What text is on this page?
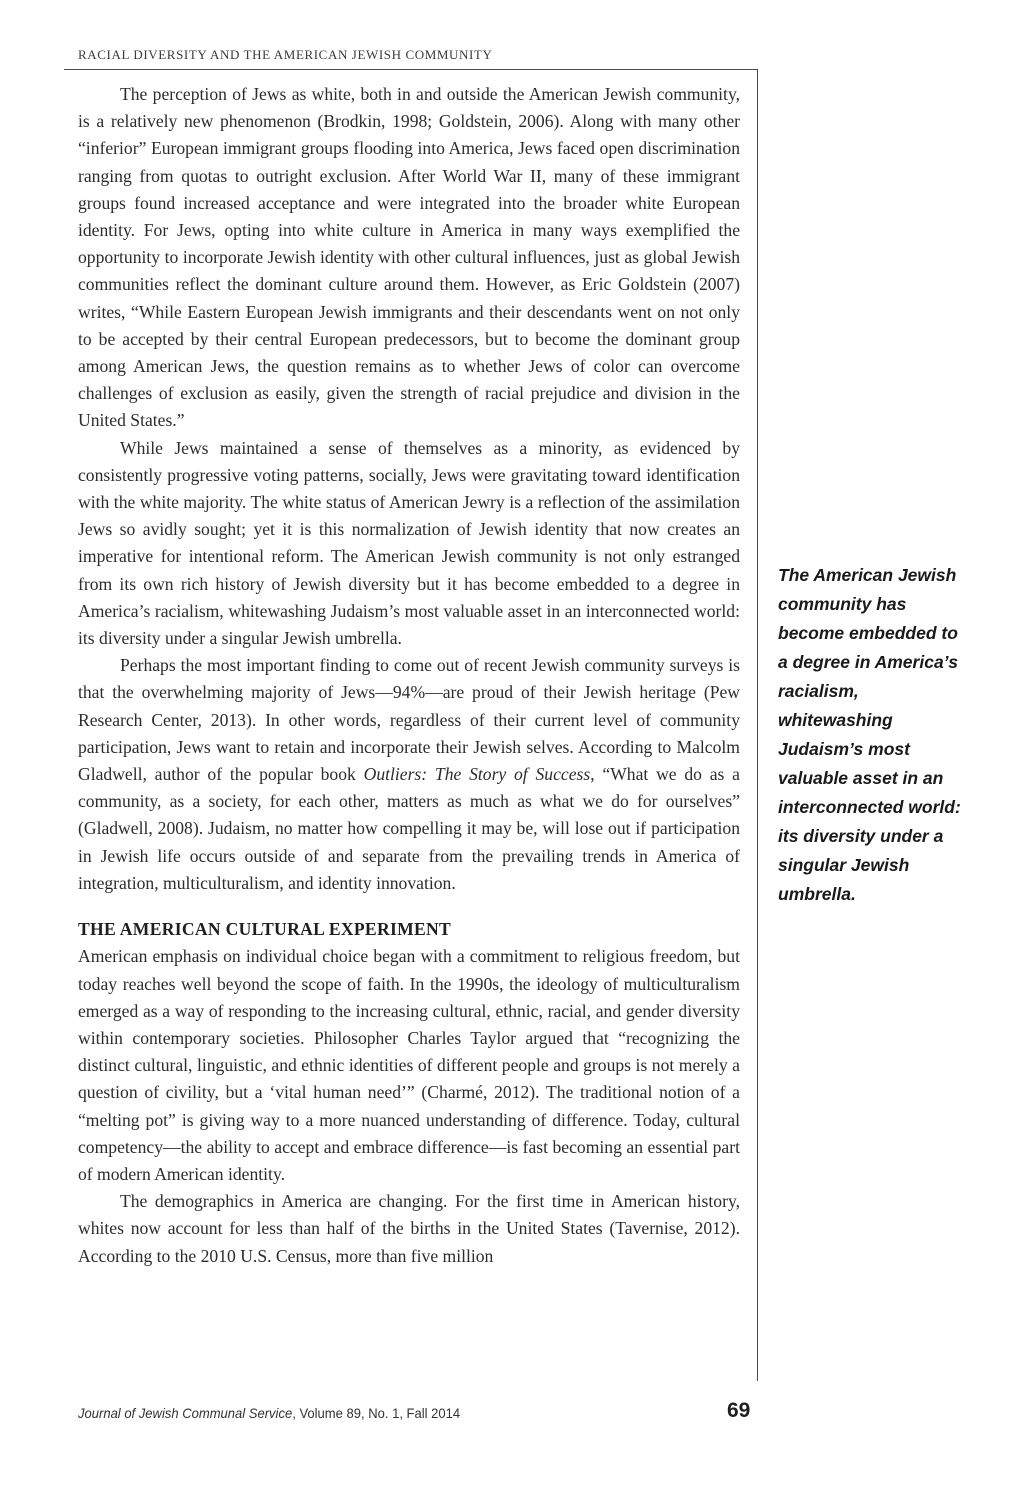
RACIAL DIVERSITY AND THE AMERICAN JEWISH COMMUNITY

The perception of Jews as white, both in and outside the American Jewish community, is a relatively new phenomenon (Brodkin, 1998; Goldstein, 2006). Along with many other “inferior” European immigrant groups flooding into America, Jews faced open discrimination ranging from quotas to outright exclusion. After World War II, many of these immigrant groups found increased acceptance and were integrated into the broader white European identity. For Jews, opting into white culture in America in many ways exemplified the opportunity to incorporate Jewish identity with other cultural influences, just as global Jewish communities reflect the dominant culture around them. However, as Eric Goldstein (2007) writes, “While Eastern European Jewish immigrants and their descendants went on not only to be accepted by their central European predecessors, but to become the dominant group among American Jews, the question remains as to whether Jews of color can overcome challenges of exclusion as easily, given the strength of racial prejudice and division in the United States.”

While Jews maintained a sense of themselves as a minority, as evidenced by consistently progressive voting patterns, socially, Jews were gravitating toward identification with the white majority. The white status of American Jewry is a reflection of the assimilation Jews so avidly sought; yet it is this normalization of Jewish identity that now creates an imperative for intentional reform. The American Jewish community is not only estranged from its own rich history of Jewish diversity but it has become embedded to a degree in America’s racialism, whitewashing Judaism’s most valuable asset in an interconnected world: its diversity under a singular Jewish umbrella.

Perhaps the most important finding to come out of recent Jewish community surveys is that the overwhelming majority of Jews—94%—are proud of their Jewish heritage (Pew Research Center, 2013). In other words, regardless of their current level of community participation, Jews want to retain and incorporate their Jewish selves. According to Malcolm Gladwell, author of the popular book Outliers: The Story of Success, “What we do as a community, as a society, for each other, matters as much as what we do for ourselves” (Gladwell, 2008). Judaism, no matter how compelling it may be, will lose out if participation in Jewish life occurs outside of and separate from the prevailing trends in America of integration, multiculturalism, and identity innovation.

THE AMERICAN CULTURAL EXPERIMENT

American emphasis on individual choice began with a commitment to religious freedom, but today reaches well beyond the scope of faith. In the 1990s, the ideology of multiculturalism emerged as a way of responding to the increasing cultural, ethnic, racial, and gender diversity within contemporary societies. Philosopher Charles Taylor argued that “recognizing the distinct cultural, linguistic, and ethnic identities of different people and groups is not merely a question of civility, but a ‘vital human need’” (Charmé, 2012). The traditional notion of a “melting pot” is giving way to a more nuanced understanding of difference. Today, cultural competency—the ability to accept and embrace difference—is fast becoming an essential part of modern American identity.

The demographics in America are changing. For the first time in American history, whites now account for less than half of the births in the United States (Tavernise, 2012). According to the 2010 U.S. Census, more than five million

The American Jewish community has become embedded to a degree in America’s racialism, whitewashing Judaism’s most valuable asset in an interconnected world: its diversity under a singular Jewish umbrella.
Journal of Jewish Communal Service, Volume 89, No. 1, Fall 2014	69
